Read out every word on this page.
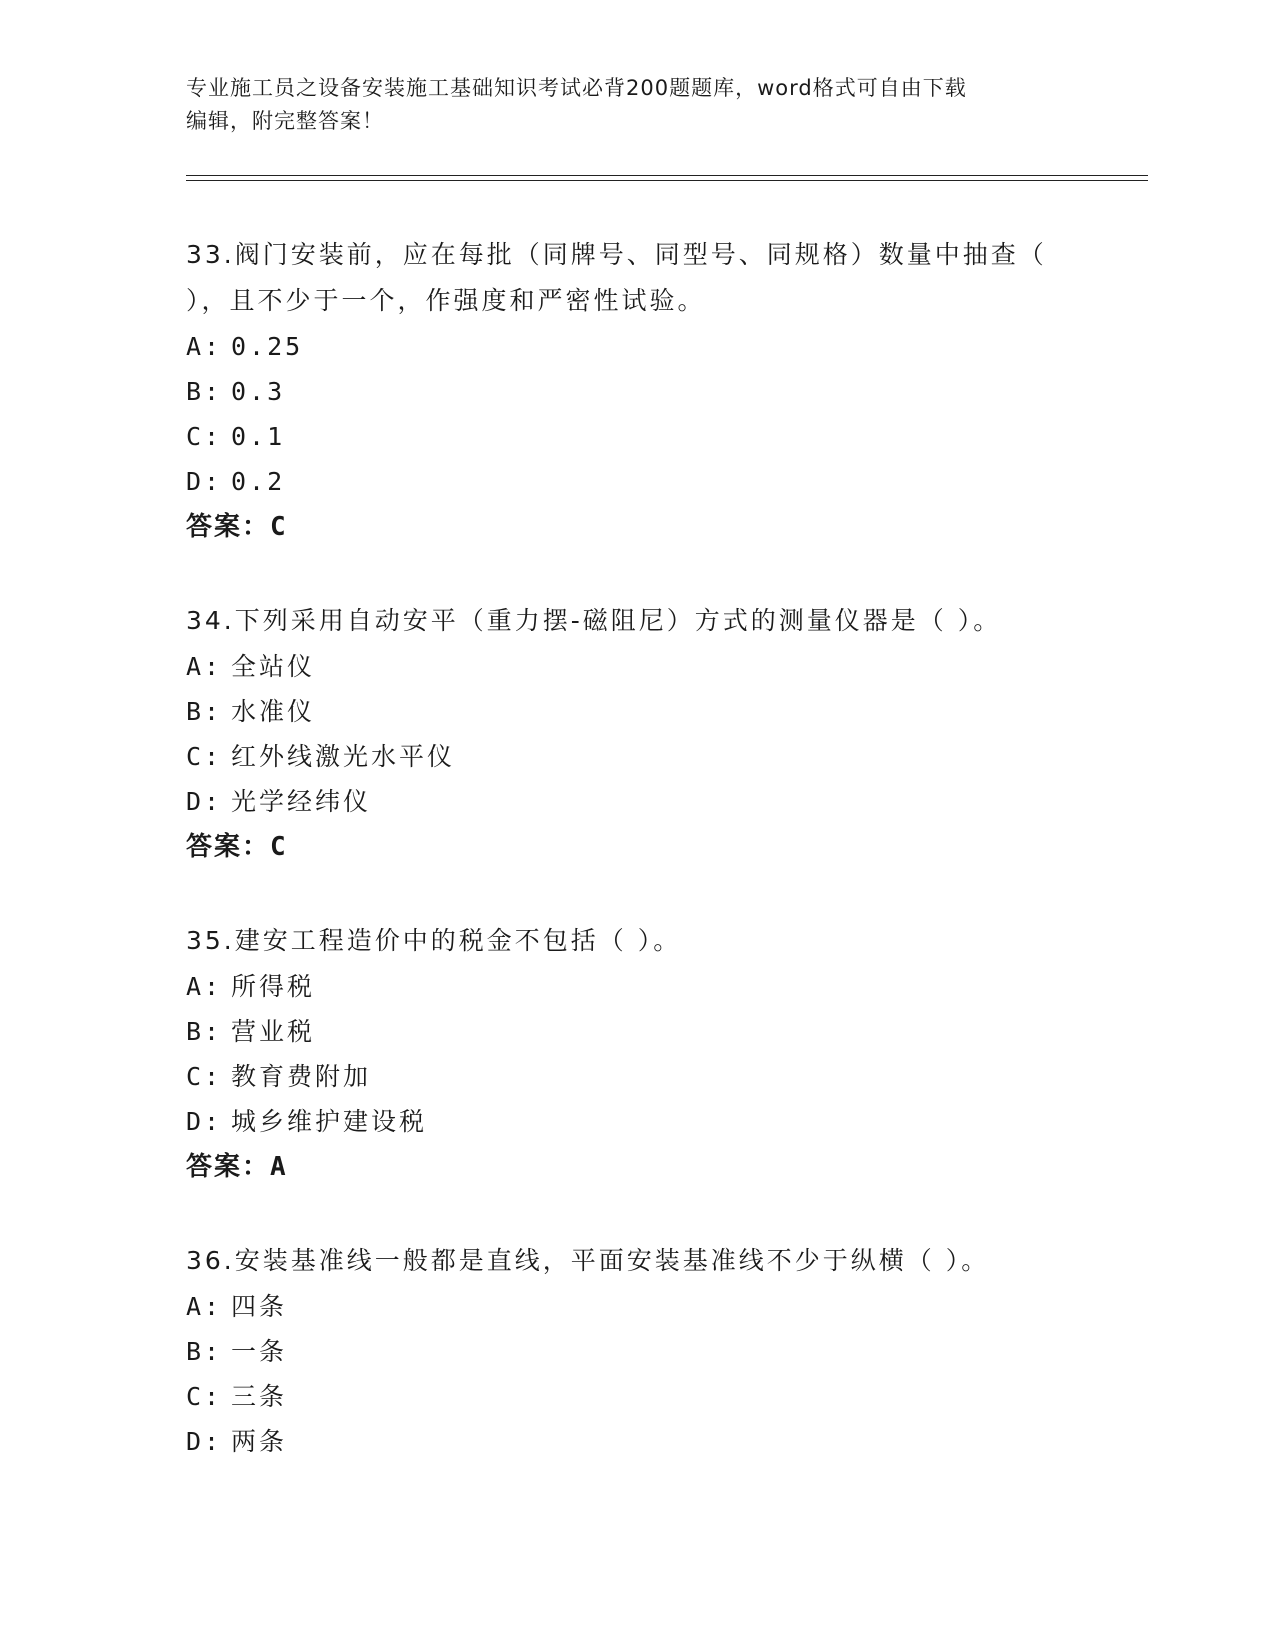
专业施工员之设备安装施工基础知识考试必背200题题库，word格式可自由下载
编辑，附完整答案！

33.阀门安装前，应在每批（同牌号、同型号、同规格）数量中抽查（

），且不少于一个，作强度和严密性试验。

A: 0.25
B: 0.3
C: 0.1
D: 0.2

答案：C

34.下列采用自动安平（重力摆-磁阻尼）方式的测量仪器是（ ）。

A: 全站仪
B: 水准仪
C: 红外线激光水平仪
D: 光学经纬仪

答案：C

35.建安工程造价中的税金不包括（ ）。

A: 所得税
B: 营业税
C: 教育费附加
D: 城乡维护建设税

答案：A

36.安装基准线一般都是直线，平面安装基准线不少于纵横（ ）。

A: 四条
B: 一条
C: 三条
D: 两条
